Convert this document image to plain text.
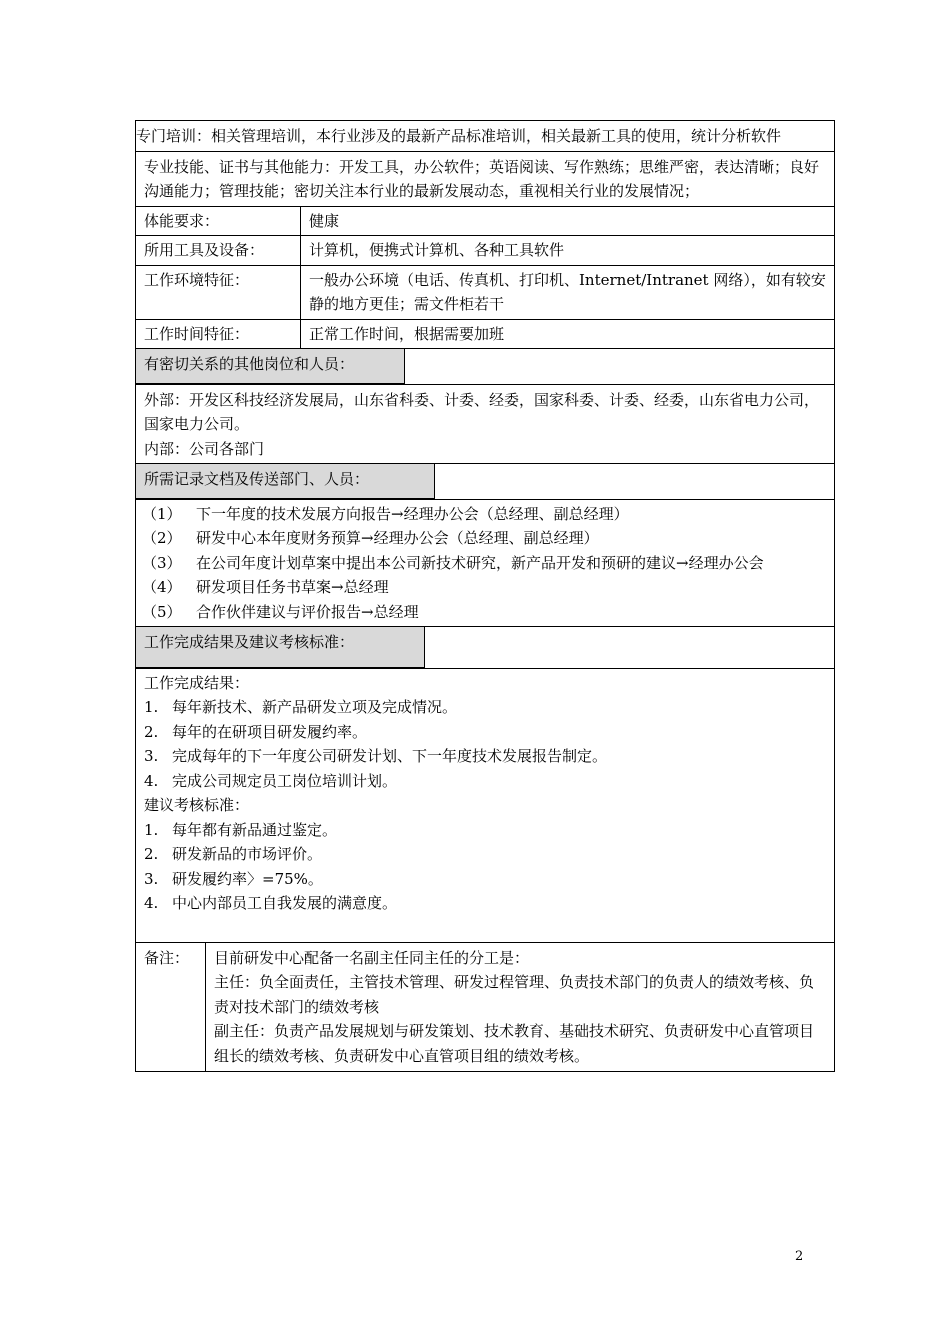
专门培训：相关管理培训，本行业涉及的最新产品标准培训，相关最新工具的使用，统计分析软件
专业技能、证书与其他能力：开发工具，办公软件；英语阅读、写作熟练；思维严密，表达清晰；良好沟通能力；管理技能；密切关注本行业的最新发展动态，重视相关行业的发展情况；
体能要求：	健康
所用工具及设备：	计算机，便携式计算机、各种工具软件
工作环境特征：	一般办公环境（电话、传真机、打印机、Internet/Intranet 网络），如有较安静的地方更佳；需文件柜若干
工作时间特征：	正常工作时间，根据需要加班
有密切关系的其他岗位和人员：
外部：开发区科技经济发展局，山东省科委、计委、经委，国家科委、计委、经委，山东省电力公司，国家电力公司。
内部：公司各部门
所需记录文档及传送部门、人员：
（1） 下一年度的技术发展方向报告→经理办公会（总经理、副总经理）
（2） 研发中心本年度财务预算→经理办公会（总经理、副总经理）
（3） 在公司年度计划草案中提出本公司新技术研究，新产品开发和预研的建议→经理办公会
（4） 研发项目任务书草案→总经理
（5） 合作伙伴建议与评价报告→总经理
工作完成结果及建议考核标准：
工作完成结果：
1. 每年新技术、新产品研发立项及完成情况。
2. 每年的在研项目研发履约率。
3. 完成每年的下一年度公司研发计划、下一年度技术发展报告制定。
4. 完成公司规定员工岗位培训计划。
建议考核标准：
1. 每年都有新品通过鉴定。
2. 研发新品的市场评价。
3. 研发履约率〉=75%。
4. 中心内部员工自我发展的满意度。
备注：	目前研发中心配备一名副主任同主任的分工是：
主任：负全面责任，主管技术管理、研发过程管理、负责技术部门的负责人的绩效考核、负责对技术部门的绩效考核
副主任：负责产品发展规划与研发策划、技术教育、基础技术研究、负责研发中心直管项目组长的绩效考核、负责研发中心直管项目组的绩效考核。
2
